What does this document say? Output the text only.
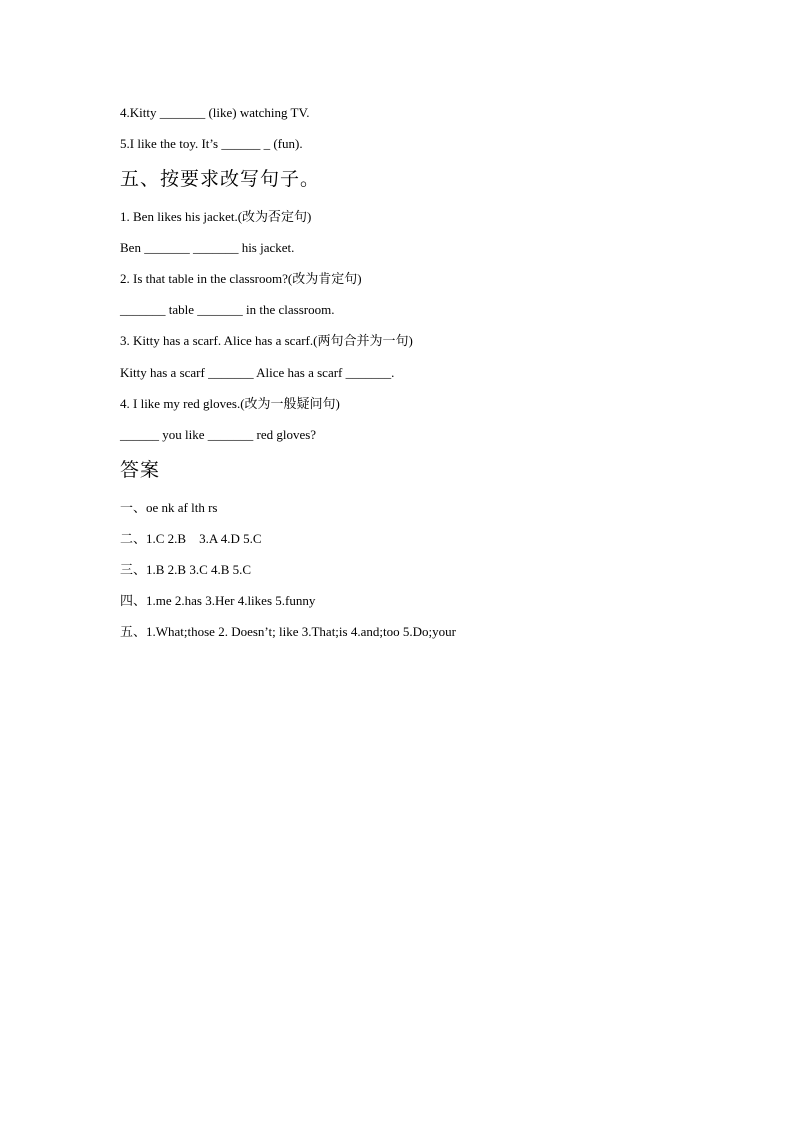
4.Kitty _______ (like) watching TV.
5.I like the toy. It’s ______ _ (fun).
五、按要求改写句子。
1. Ben likes his jacket.(改为否定句)
Ben _______ _______ his jacket.
2. Is that table in the classroom?(改为肯定句)
_______ table _______ in the classroom.
3. Kitty has a scarf. Alice has a scarf.(两句合并为一句)
Kitty has a scarf _______ Alice has a scarf _______.
4. I like my red gloves.(改为一般疑问句)
______ you like _______ red gloves?
答案
一、oe nk af lth rs
二、1.C 2.B    3.A 4.D 5.C
三、1.B 2.B 3.C 4.B 5.C
四、1.me 2.has 3.Her 4.likes 5.funny
五、1.What;those 2. Doesn’t; like 3.That;is 4.and;too 5.Do;your
